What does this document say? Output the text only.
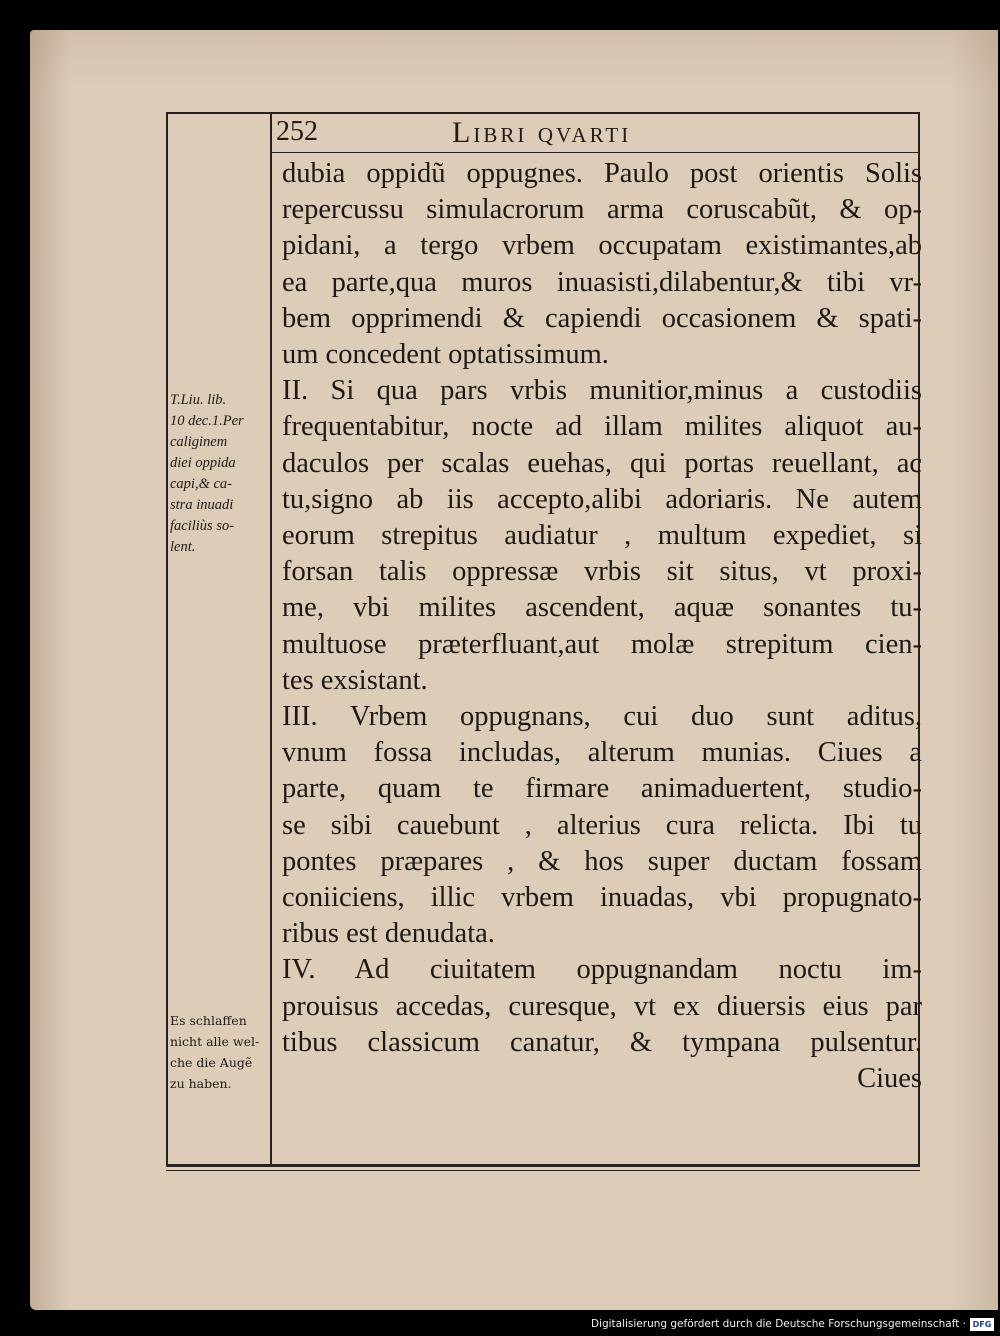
252	Libri qvarti
dubia oppidũ oppugnes. Paulo post orientis Solis
repercussu simulacrorum arma coruscabũt, & op-
pidani, a tergo vrbem occupatam existimantes,ab
ea parte,qua muros inuasisti,dilabentur,& tibi vr-
bem opprimendi & capiendi occasionem & spati-
um concedent optatissimum.
II. Si qua pars vrbis munitior,minus a custodiis
frequentabitur, nocte ad illam milites aliquot au-
daculos per scalas euehas, qui portas reuellant, ac
tu,signo ab iis accepto,alibi adoriaris. Ne autem
eorum strepitus audiatur , multum expediet, si
forsan talis oppressæ vrbis sit situs, vt proxi-
me, vbi milites ascendent, aquæ sonantes tu-
multuose præterfluant,aut molæ strepitum cien-
tes exsistant.
III. Vrbem oppugnans, cui duo sunt aditus,
vnum fossa includas, alterum munias. Ciues a
parte, quam te firmare animaduertent, studio-
se sibi cauebunt , alterius cura relicta. Ibi tu
pontes præpares , & hos super ductam fossam
coniiciens, illic vrbem inuadas, vbi propugnato-
ribus est denudata.
IV. Ad ciuitatem oppugnandam noctu im-
prouisus accedas, curesque, vt ex diuersis eius par
tibus classicum canatur, & tympana pulsentur.
Ciues
T.Liu. lib.
10 dec.1.Per
caliginem
diei oppida
capi,& ca-
stra inuadi
faciliùs so-
lent.
Es schlaffen
nicht alle wel-
che die Augẽ
zu haben.
Digitalisierung gefördert durch die Deutsche Forschungsgemeinschaft · DFG
